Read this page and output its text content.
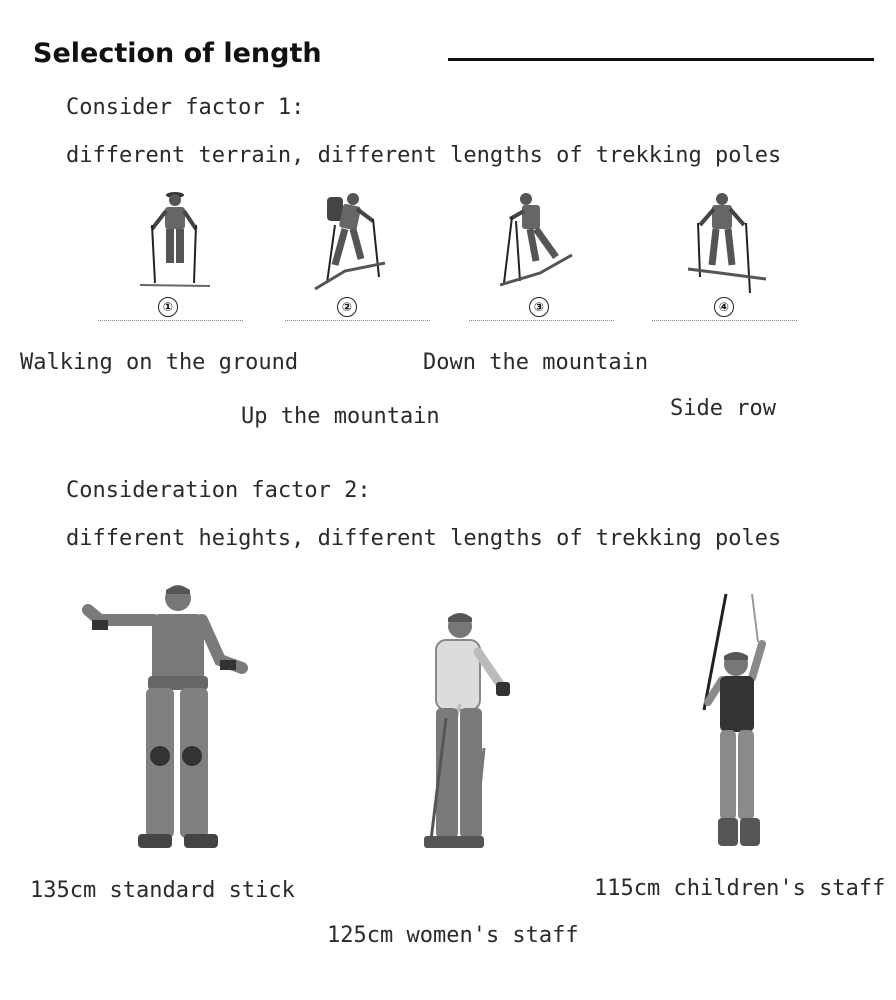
Selection of length
Consider factor 1:
different terrain, different lengths of trekking poles
①	②	③	④
Walking on the ground	Down the mountain
Up the mountain	Side row
Consideration factor 2:
different heights, different lengths of trekking poles
135cm standard stick	115cm children's staff
125cm women's staff
